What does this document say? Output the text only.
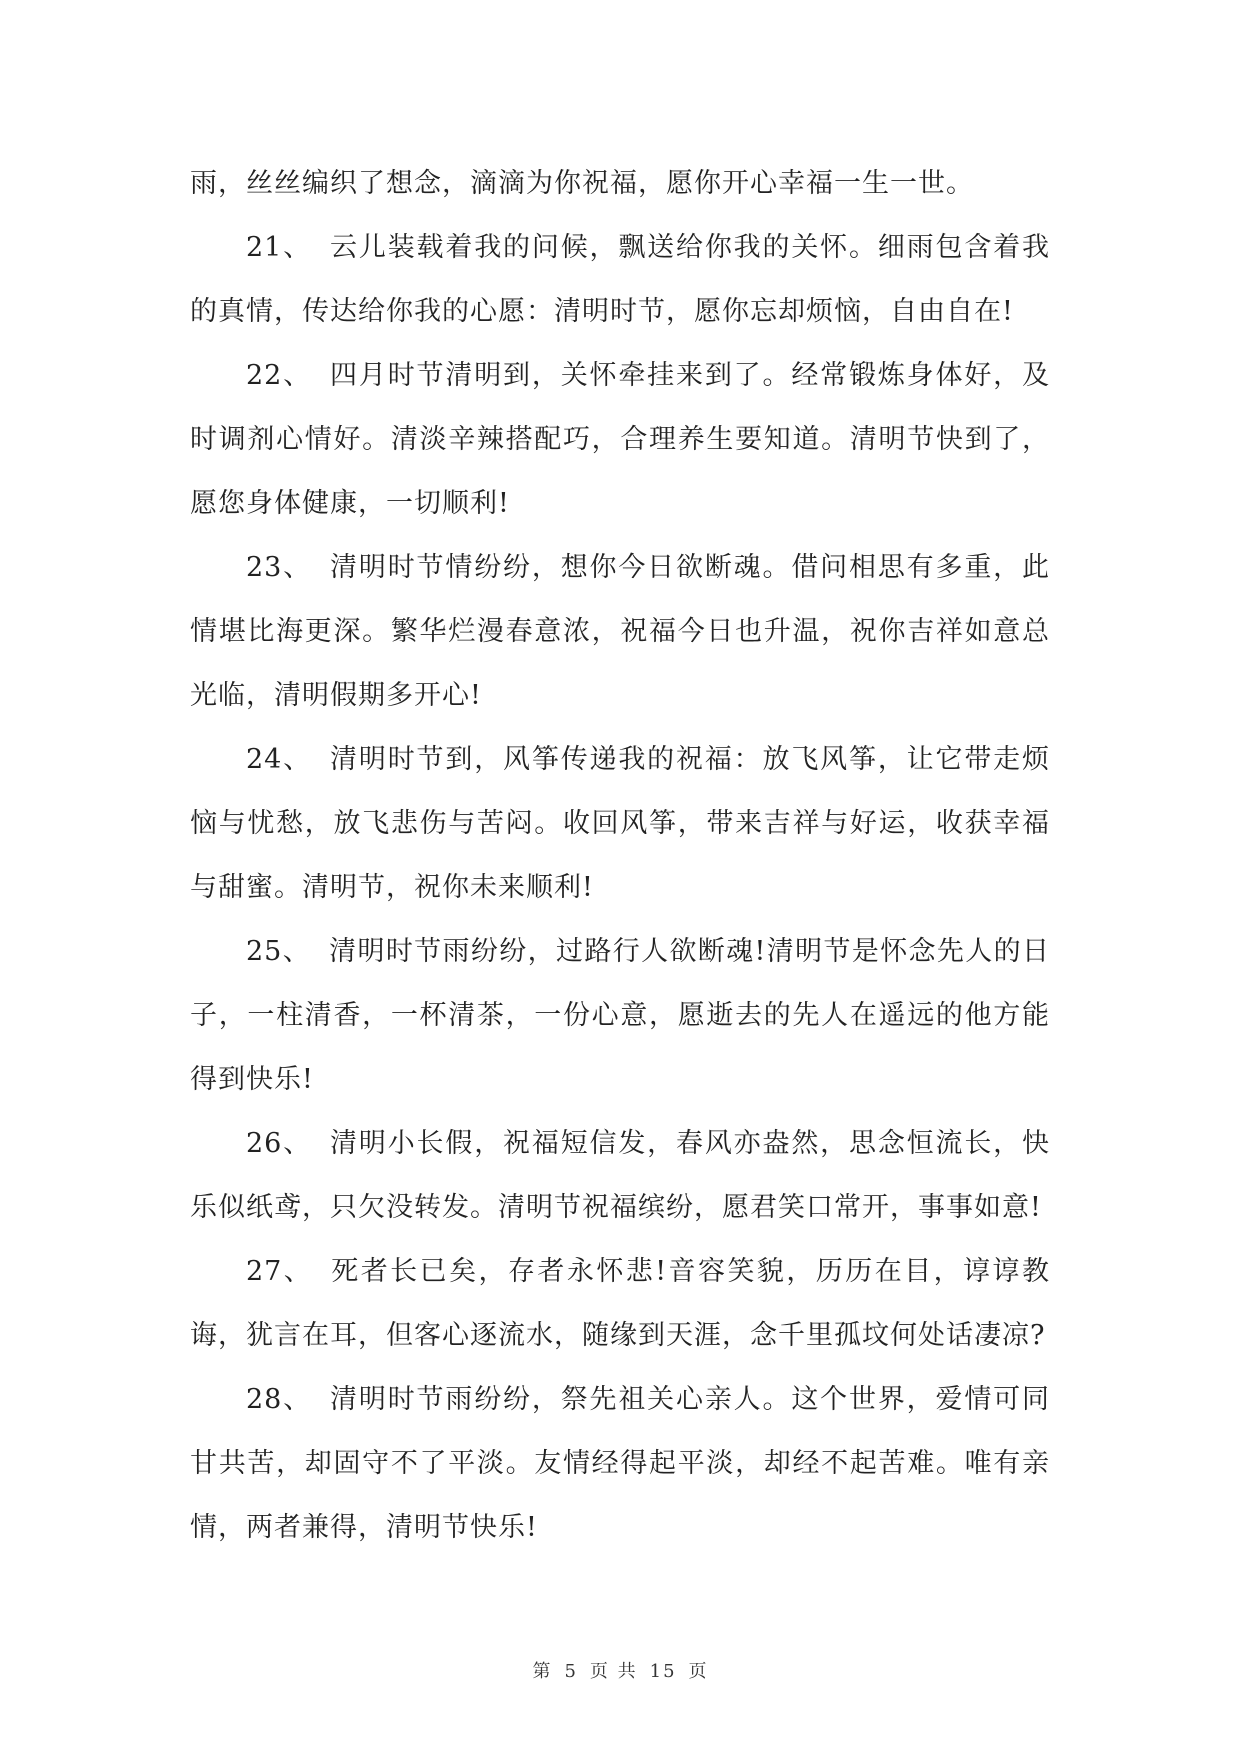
雨，丝丝编织了想念，滴滴为你祝福，愿你开心幸福一生一世。

21、 云儿装载着我的问候，飘送给你我的关怀。细雨包含着我的真情，传达给你我的心愿：清明时节，愿你忘却烦恼，自由自在!

22、 四月时节清明到，关怀牵挂来到了。经常锻炼身体好，及时调剂心情好。清淡辛辣搭配巧，合理养生要知道。清明节快到了，愿您身体健康，一切顺利!

23、 清明时节情纷纷，想你今日欲断魂。借问相思有多重，此情堪比海更深。繁华烂漫春意浓，祝福今日也升温，祝你吉祥如意总光临，清明假期多开心!

24、 清明时节到，风筝传递我的祝福：放飞风筝，让它带走烦恼与忧愁，放飞悲伤与苦闷。收回风筝，带来吉祥与好运，收获幸福与甜蜜。清明节，祝你未来顺利!

25、 清明时节雨纷纷，过路行人欲断魂!清明节是怀念先人的日子，一柱清香，一杯清茶，一份心意，愿逝去的先人在遥远的他方能得到快乐!

26、 清明小长假，祝福短信发，春风亦盎然，思念恒流长，快乐似纸鸢，只欠没转发。清明节祝福缤纷，愿君笑口常开，事事如意!

27、 死者长已矣，存者永怀悲!音容笑貌，历历在目，谆谆教诲，犹言在耳，但客心逐流水，随缘到天涯，念千里孤坟何处话凄凉?

28、 清明时节雨纷纷，祭先祖关心亲人。这个世界，爱情可同甘共苦，却固守不了平淡。友情经得起平淡，却经不起苦难。唯有亲情，两者兼得，清明节快乐!

第 5 页 共 15 页
